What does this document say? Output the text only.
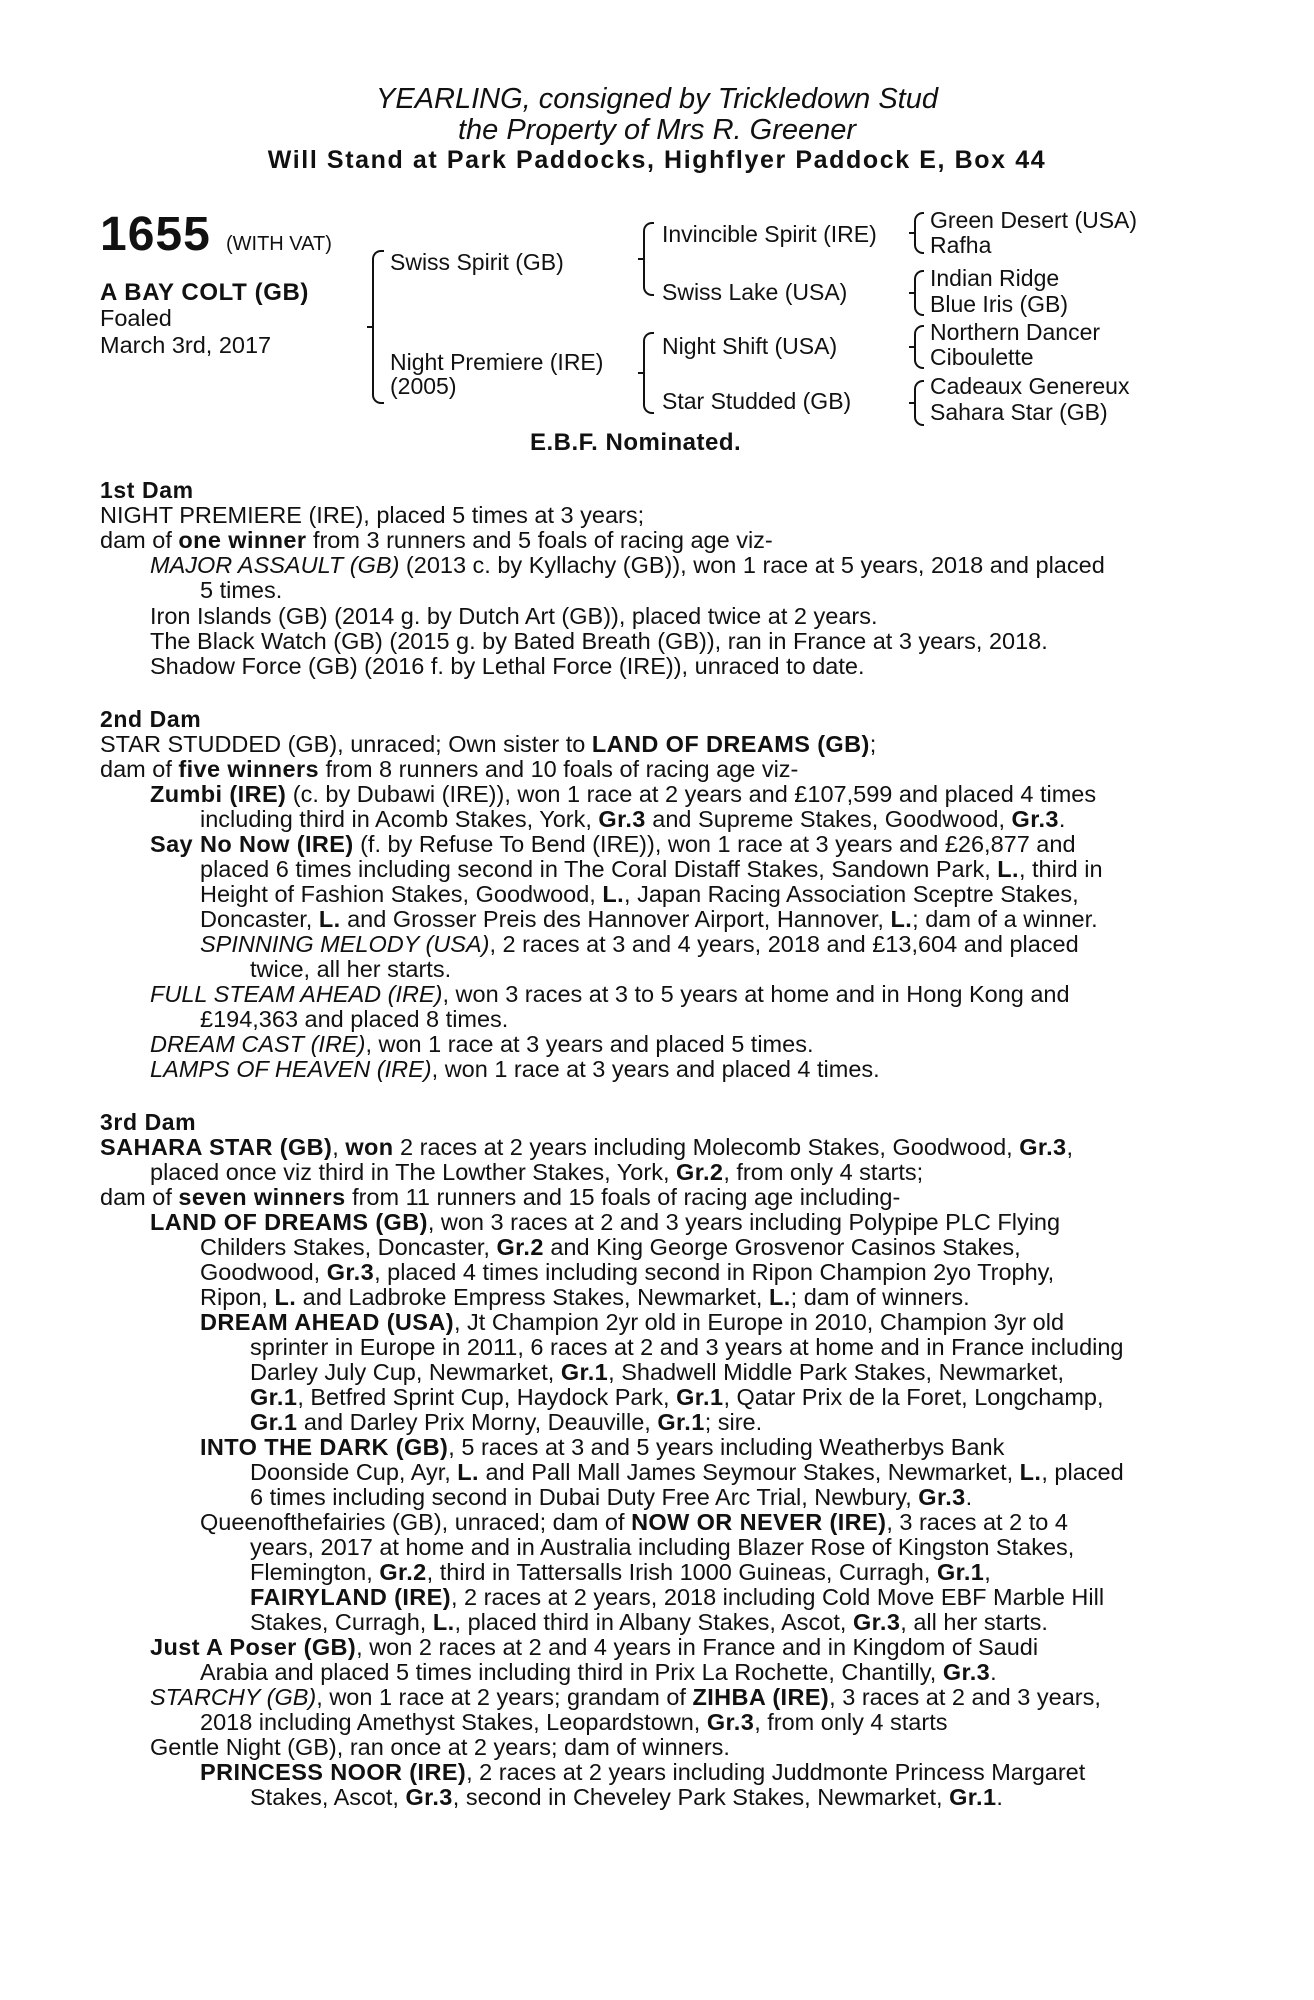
YEARLING, consigned by Trickledown Stud
the Property of Mrs R. Greener
Will Stand at Park Paddocks, Highflyer Paddock E, Box 44
1655 (WITH VAT)
A BAY COLT (GB)
Foaled
March 3rd, 2017
Swiss Spirit (GB)
Night Premiere (IRE)
(2005)
Invincible Spirit (IRE)
Swiss Lake (USA)
Night Shift (USA)
Star Studded (GB)
Green Desert (USA)
Rafha
Indian Ridge
Blue Iris (GB)
Northern Dancer
Ciboulette
Cadeaux Genereux
Sahara Star (GB)
E.B.F. Nominated.
1st Dam
NIGHT PREMIERE (IRE), placed 5 times at 3 years;
dam of one winner from 3 runners and 5 foals of racing age viz-
MAJOR ASSAULT (GB) (2013 c. by Kyllachy (GB)), won 1 race at 5 years, 2018 and placed
5 times.
Iron Islands (GB) (2014 g. by Dutch Art (GB)), placed twice at 2 years.
The Black Watch (GB) (2015 g. by Bated Breath (GB)), ran in France at 3 years, 2018.
Shadow Force (GB) (2016 f. by Lethal Force (IRE)), unraced to date.
2nd Dam
STAR STUDDED (GB), unraced; Own sister to LAND OF DREAMS (GB);
dam of five winners from 8 runners and 10 foals of racing age viz-
Zumbi (IRE) (c. by Dubawi (IRE)), won 1 race at 2 years and £107,599 and placed 4 times
including third in Acomb Stakes, York, Gr.3 and Supreme Stakes, Goodwood, Gr.3.
Say No Now (IRE) (f. by Refuse To Bend (IRE)), won 1 race at 3 years and £26,877 and
placed 6 times including second in The Coral Distaff Stakes, Sandown Park, L., third in
Height of Fashion Stakes, Goodwood, L., Japan Racing Association Sceptre Stakes,
Doncaster, L. and Grosser Preis des Hannover Airport, Hannover, L.; dam of a winner.
SPINNING MELODY (USA), 2 races at 3 and 4 years, 2018 and £13,604 and placed
twice, all her starts.
FULL STEAM AHEAD (IRE), won 3 races at 3 to 5 years at home and in Hong Kong and
£194,363 and placed 8 times.
DREAM CAST (IRE), won 1 race at 3 years and placed 5 times.
LAMPS OF HEAVEN (IRE), won 1 race at 3 years and placed 4 times.
3rd Dam
SAHARA STAR (GB), won 2 races at 2 years including Molecomb Stakes, Goodwood, Gr.3,
placed once viz third in The Lowther Stakes, York, Gr.2, from only 4 starts;
dam of seven winners from 11 runners and 15 foals of racing age including-
LAND OF DREAMS (GB), won 3 races at 2 and 3 years including Polypipe PLC Flying
Childers Stakes, Doncaster, Gr.2 and King George Grosvenor Casinos Stakes,
Goodwood, Gr.3, placed 4 times including second in Ripon Champion 2yo Trophy,
Ripon, L. and Ladbroke Empress Stakes, Newmarket, L.; dam of winners.
DREAM AHEAD (USA), Jt Champion 2yr old in Europe in 2010, Champion 3yr old
sprinter in Europe in 2011, 6 races at 2 and 3 years at home and in France including
Darley July Cup, Newmarket, Gr.1, Shadwell Middle Park Stakes, Newmarket,
Gr.1, Betfred Sprint Cup, Haydock Park, Gr.1, Qatar Prix de la Foret, Longchamp,
Gr.1 and Darley Prix Morny, Deauville, Gr.1; sire.
INTO THE DARK (GB), 5 races at 3 and 5 years including Weatherbys Bank
Doonside Cup, Ayr, L. and Pall Mall James Seymour Stakes, Newmarket, L., placed
6 times including second in Dubai Duty Free Arc Trial, Newbury, Gr.3.
Queenofthefairies (GB), unraced; dam of NOW OR NEVER (IRE), 3 races at 2 to 4
years, 2017 at home and in Australia including Blazer Rose of Kingston Stakes,
Flemington, Gr.2, third in Tattersalls Irish 1000 Guineas, Curragh, Gr.1,
FAIRYLAND (IRE), 2 races at 2 years, 2018 including Cold Move EBF Marble Hill
Stakes, Curragh, L., placed third in Albany Stakes, Ascot, Gr.3, all her starts.
Just A Poser (GB), won 2 races at 2 and 4 years in France and in Kingdom of Saudi
Arabia and placed 5 times including third in Prix La Rochette, Chantilly, Gr.3.
STARCHY (GB), won 1 race at 2 years; grandam of ZIHBA (IRE), 3 races at 2 and 3 years,
2018 including Amethyst Stakes, Leopardstown, Gr.3, from only 4 starts
Gentle Night (GB), ran once at 2 years; dam of winners.
PRINCESS NOOR (IRE), 2 races at 2 years including Juddmonte Princess Margaret
Stakes, Ascot, Gr.3, second in Cheveley Park Stakes, Newmarket, Gr.1.
